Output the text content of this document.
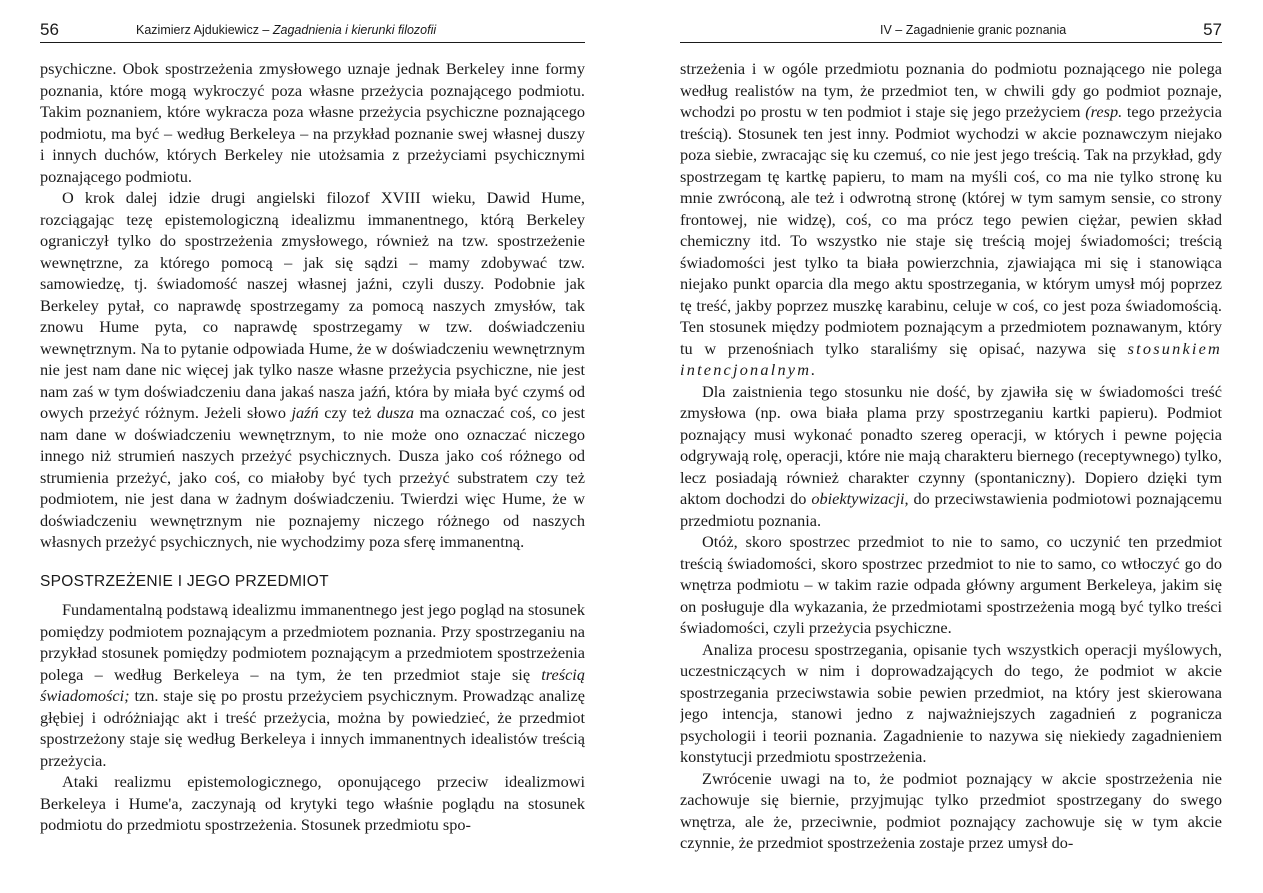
56	Kazimierz Ajdukiewicz – Zagadnienia i kierunki filozofii

psychiczne. Obok spostrzeżenia zmysłowego uznaje jednak Berkeley inne formy poznania, które mogą wykroczyć poza własne przeżycia poznającego podmiotu. Takim poznaniem, które wykracza poza własne przeżycia psychiczne poznającego podmiotu, ma być – według Berkeleya – na przykład poznanie swej własnej duszy i innych duchów, których Berkeley nie utożsamia z przeżyciami psychicznymi poznającego podmiotu.

O krok dalej idzie drugi angielski filozof XVIII wieku, Dawid Hume, rozciągając tezę epistemologiczną idealizmu immanentnego, którą Berkeley ograniczył tylko do spostrzeżenia zmysłowego, również na tzw. spostrzeżenie wewnętrzne, za którego pomocą – jak się sądzi – mamy zdobywać tzw. samowiedzę, tj. świadomość naszej własnej jaźni, czyli duszy. Podobnie jak Berkeley pytał, co naprawdę spostrzegamy za pomocą naszych zmysłów, tak znowu Hume pyta, co naprawdę spostrzegamy w tzw. doświadczeniu wewnętrznym. Na to pytanie odpowiada Hume, że w doświadczeniu wewnętrznym nie jest nam dane nic więcej jak tylko nasze własne przeżycia psychiczne, nie jest nam zaś w tym doświadczeniu dana jakaś nasza jaźń, która by miała być czymś od owych przeżyć różnym. Jeżeli słowo jaźń czy też dusza ma oznaczać coś, co jest nam dane w doświadczeniu wewnętrznym, to nie może ono oznaczać niczego innego niż strumień naszych przeżyć psychicznych. Dusza jako coś różnego od strumienia przeżyć, jako coś, co miałoby być tych przeżyć substratem czy też podmiotem, nie jest dana w żadnym doświadczeniu. Twierdzi więc Hume, że w doświadczeniu wewnętrznym nie poznajemy niczego różnego od naszych własnych przeżyć psychicznych, nie wychodzimy poza sferę immanentną.

SPOSTRZEŻENIE I JEGO PRZEDMIOT

Fundamentalną podstawą idealizmu immanentnego jest jego pogląd na stosunek pomiędzy podmiotem poznającym a przedmiotem poznania. Przy spostrzeganiu na przykład stosunek pomiędzy podmiotem poznającym a przedmiotem spostrzeżenia polega – według Berkeleya – na tym, że ten przedmiot staje się treścią świadomości; tzn. staje się po prostu przeżyciem psychicznym. Prowadząc analizę głębiej i odróżniając akt i treść przeżycia, można by powiedzieć, że przedmiot spostrzeżony staje się według Berkeleya i innych immanentnych idealistów treścią przeżycia.

Ataki realizmu epistemologicznego, oponującego przeciw idealizmowi Berkeleya i Hume'a, zaczynają od krytyki tego właśnie poglądu na stosunek podmiotu do przedmiotu spostrzeżenia. Stosunek przedmiotu spo-

IV – Zagadnienie granic poznania	57

strzeżenia i w ogóle przedmiotu poznania do podmiotu poznającego nie polega według realistów na tym, że przedmiot ten, w chwili gdy go podmiot poznaje, wchodzi po prostu w ten podmiot i staje się jego przeżyciem (resp. tego przeżycia treścią). Stosunek ten jest inny. Podmiot wychodzi w akcie poznawczym niejako poza siebie, zwracając się ku czemuś, co nie jest jego treścią. Tak na przykład, gdy spostrzegam tę kartkę papieru, to mam na myśli coś, co ma nie tylko stronę ku mnie zwróconą, ale też i odwrotną stronę (której w tym samym sensie, co strony frontowej, nie widzę), coś, co ma prócz tego pewien ciężar, pewien skład chemiczny itd. To wszystko nie staje się treścią mojej świadomości; treścią świadomości jest tylko ta biała powierzchnia, zjawiająca mi się i stanowiąca niejako punkt oparcia dla mego aktu spostrzegania, w którym umysł mój poprzez tę treść, jakby poprzez muszkę karabinu, celuje w coś, co jest poza świadomością. Ten stosunek między podmiotem poznającym a przedmiotem poznawanym, który tu w przenośniach tylko staraliśmy się opisać, nazywa się stosunkiem intencjonalnym.

Dla zaistnienia tego stosunku nie dość, by zjawiła się w świadomości treść zmysłowa (np. owa biała plama przy spostrzeganiu kartki papieru). Podmiot poznający musi wykonać ponadto szereg operacji, w których i pewne pojęcia odgrywają rolę, operacji, które nie mają charakteru biernego (receptywnego) tylko, lecz posiadają również charakter czynny (spontaniczny). Dopiero dzięki tym aktom dochodzi do obiektywizacji, do przeciwstawienia podmiotowi poznającemu przedmiotu poznania.

Otóż, skoro spostrzec przedmiot to nie to samo, co uczynić ten przedmiot treścią świadomości, skoro spostrzec przedmiot to nie to samo, co wtłoczyć go do wnętrza podmiotu – w takim razie odpada główny argument Berkeleya, jakim się on posługuje dla wykazania, że przedmiotami spostrzeżenia mogą być tylko treści świadomości, czyli przeżycia psychiczne.

Analiza procesu spostrzegania, opisanie tych wszystkich operacji myślowych, uczestniczących w nim i doprowadzających do tego, że podmiot w akcie spostrzegania przeciwstawia sobie pewien przedmiot, na który jest skierowana jego intencja, stanowi jedno z najważniejszych zagadnień z pogranicza psychologii i teorii poznania. Zagadnienie to nazywa się niekiedy zagadnieniem konstytucji przedmiotu spostrzeżenia.

Zwrócenie uwagi na to, że podmiot poznający w akcie spostrzeżenia nie zachowuje się biernie, przyjmując tylko przedmiot spostrzegany do swego wnętrza, ale że, przeciwnie, podmiot poznający zachowuje się w tym akcie czynnie, że przedmiot spostrzeżenia zostaje przez umysł do-
